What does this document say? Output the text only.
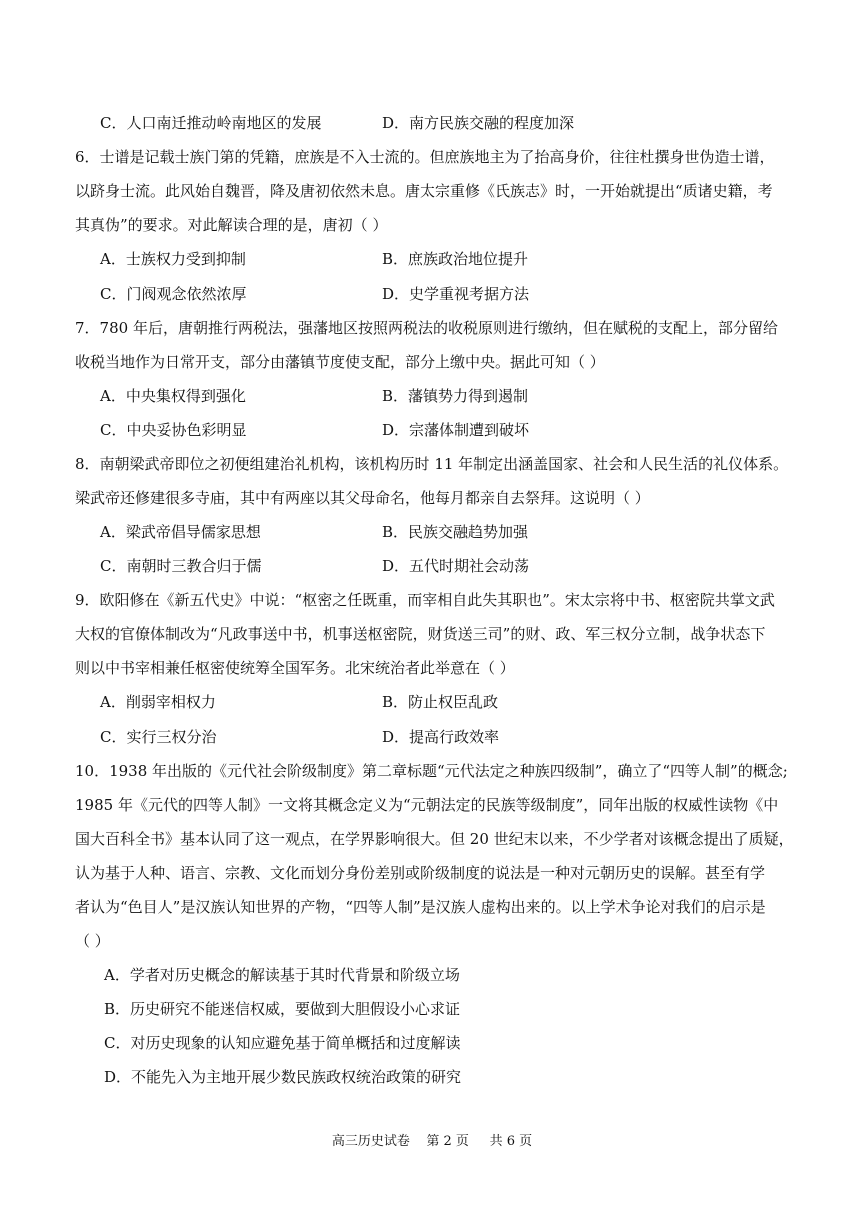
C．人口南迁推动岭南地区的发展	D．南方民族交融的程度加深
6．士谱是记载士族门第的凭籍，庶族是不入士流的。但庶族地主为了抬高身价，往往杜撰身世伪造士谱，
以跻身士流。此风始自魏晋，降及唐初依然未息。唐太宗重修《氏族志》时，一开始就提出“质诸史籍，考
其真伪”的要求。对此解读合理的是，唐初（ ）
A．士族权力受到抑制	B．庶族政治地位提升
C．门阀观念依然浓厚	D．史学重视考据方法
7．780 年后，唐朝推行两税法，强藩地区按照两税法的收税原则进行缴纳，但在赋税的支配上，部分留给
收税当地作为日常开支，部分由藩镇节度使支配，部分上缴中央。据此可知（ ）
A．中央集权得到强化	B．藩镇势力得到遏制
C．中央妥协色彩明显	D．宗藩体制遭到破坏
8．南朝梁武帝即位之初便组建治礼机构，该机构历时 11 年制定出涵盖国家、社会和人民生活的礼仪体系。
梁武帝还修建很多寺庙，其中有两座以其父母命名，他每月都亲自去祭拜。这说明（ ）
A．梁武帝倡导儒家思想	B．民族交融趋势加强
C．南朝时三教合归于儒	D．五代时期社会动荡
9．欧阳修在《新五代史》中说：“枢密之任既重，而宰相自此失其职也”。宋太宗将中书、枢密院共掌文武
大权的官僚体制改为“凡政事送中书，机事送枢密院，财货送三司”的财、政、军三权分立制，战争状态下
则以中书宰相兼任枢密使统筹全国军务。北宋统治者此举意在（ ）
A．削弱宰相权力	B．防止权臣乱政
C．实行三权分治	D．提高行政效率
10．1938 年出版的《元代社会阶级制度》第二章标题“元代法定之种族四级制”，确立了“四等人制”的概念;
1985 年《元代的四等人制》一文将其概念定义为“元朝法定的民族等级制度”，同年出版的权威性读物《中
国大百科全书》基本认同了这一观点，在学界影响很大。但 20 世纪末以来，不少学者对该概念提出了质疑，
认为基于人种、语言、宗教、文化而划分身份差别或阶级制度的说法是一种对元朝历史的误解。甚至有学
者认为“色目人”是汉族认知世界的产物，“四等人制”是汉族人虚构出来的。以上学术争论对我们的启示是
（ ）
A．学者对历史概念的解读基于其时代背景和阶级立场
B．历史研究不能迷信权威，要做到大胆假设小心求证
C．对历史现象的认知应避免基于简单概括和过度解读
D．不能先入为主地开展少数民族政权统治政策的研究
高三历史试卷    第 2 页     共 6 页
